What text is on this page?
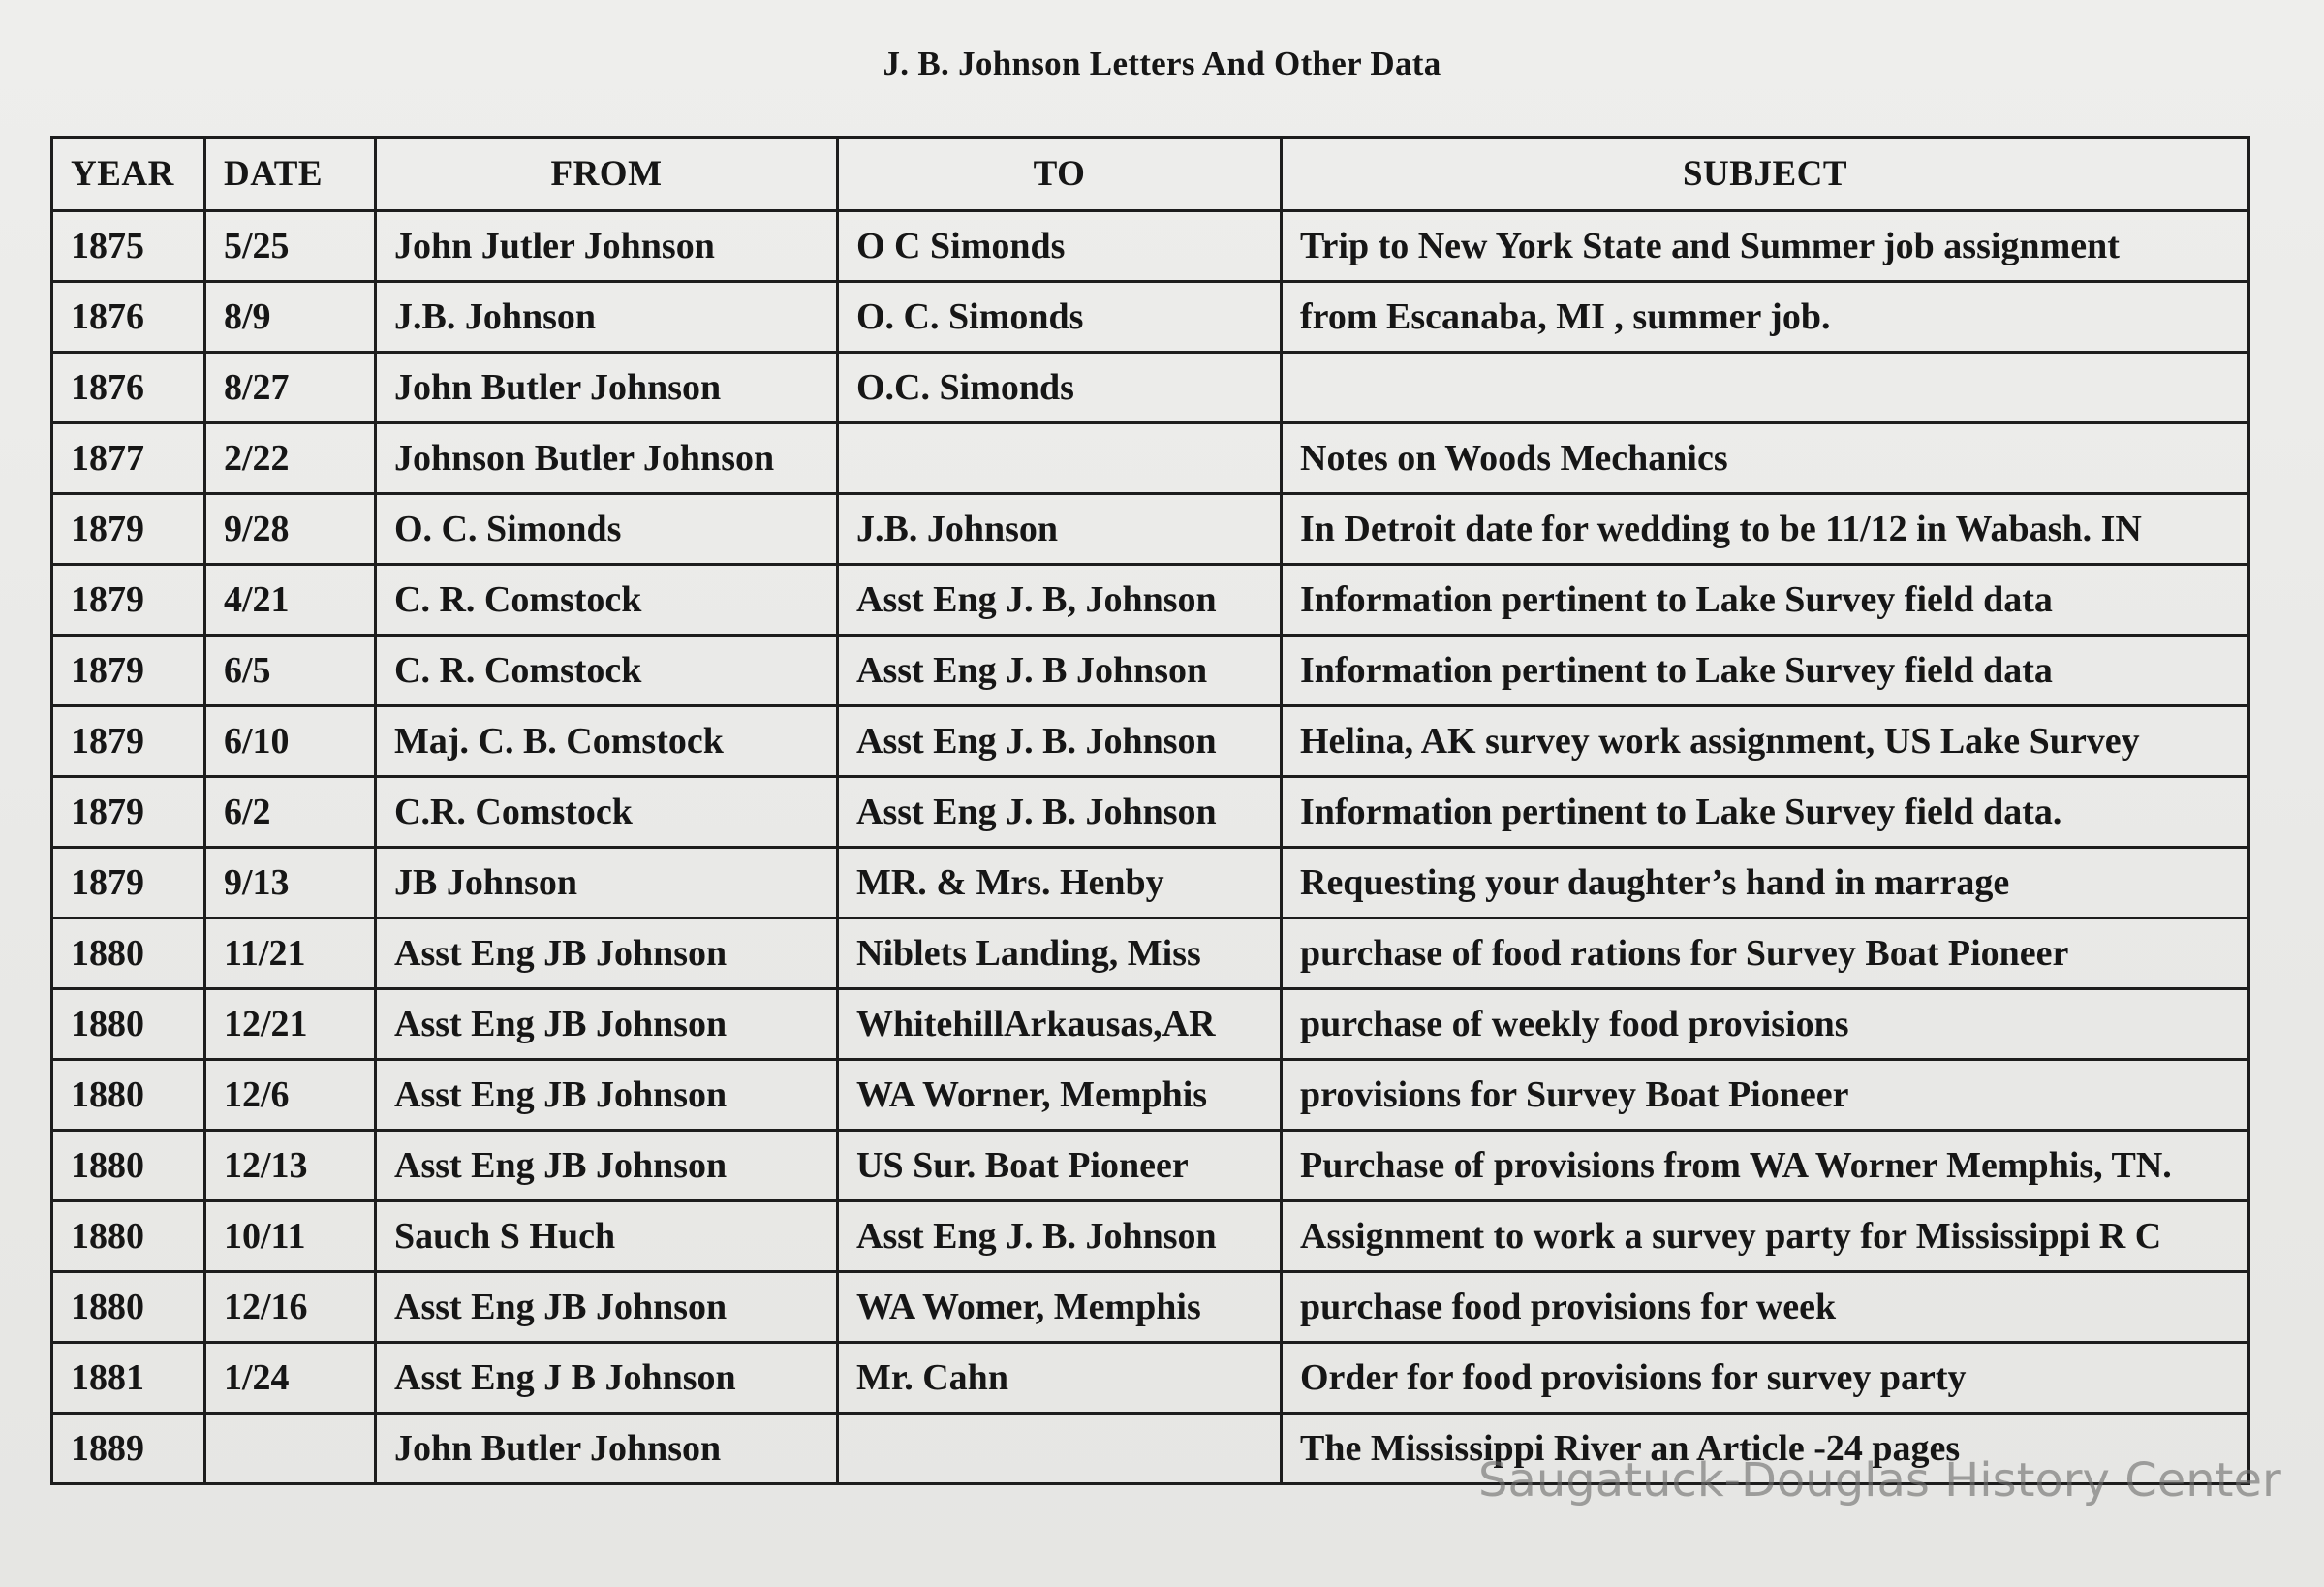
J. B. Johnson Letters And Other Data
YEAR	DATE	FROM	TO	SUBJECT
1875	5/25	John Jutler Johnson	O C Simonds	Trip to New York State and Summer job assignment
1876	8/9	J.B. Johnson	O. C. Simonds	from Escanaba, MI , summer job.
1876	8/27	John Butler Johnson	O.C. Simonds	
1877	2/22	Johnson Butler Johnson		Notes on Woods Mechanics
1879	9/28	O. C. Simonds	J.B. Johnson	In Detroit date for wedding to be 11/12 in Wabash. IN
1879	4/21	C. R. Comstock	Asst Eng J. B, Johnson	Information pertinent to Lake Survey field data
1879	6/5	C. R. Comstock	Asst Eng J. B Johnson	Information pertinent to Lake Survey field data
1879	6/10	Maj. C. B. Comstock	Asst Eng J. B. Johnson	Helina, AK survey work assignment, US Lake Survey
1879	6/2	C.R. Comstock	Asst Eng J. B. Johnson	Information pertinent to Lake Survey field data.
1879	9/13	JB Johnson	MR. & Mrs. Henby	Requesting your daughter’s hand in marrage
1880	11/21	Asst Eng JB Johnson	Niblets Landing, Miss	purchase of food rations for Survey Boat Pioneer
1880	12/21	Asst Eng JB Johnson	WhitehillArkausas,AR	purchase of weekly food provisions
1880	12/6	Asst Eng JB Johnson	WA Worner, Memphis	provisions for Survey Boat Pioneer
1880	12/13	Asst Eng JB Johnson	US Sur. Boat Pioneer	Purchase of provisions from WA Worner Memphis, TN.
1880	10/11	Sauch S Huch	Asst Eng J. B. Johnson	Assignment to work a survey party for Mississippi R C
1880	12/16	Asst Eng JB Johnson	WA Womer, Memphis	purchase food provisions for week
1881	1/24	Asst Eng J B Johnson	Mr. Cahn	Order for food provisions for survey party
1889		John Butler Johnson		The Mississippi River an Article -24 pages
Saugatuck-Douglas History Center
